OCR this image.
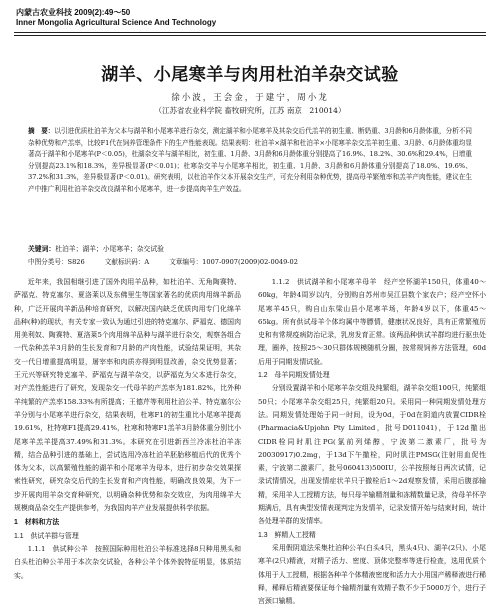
内蒙古农业科技 2009(2):49～50
Inner Mongolia Agricultural Science And Technology
湖羊、小尾寒羊与肉用杜泊羊杂交试验
徐小波，王会金，于建宁，周小龙
（江苏省农业科学院 畜牧研究所，江苏 南京　210014）
摘　要：以引进优质杜泊羊为父本与湖羊和小尾寒羊进行杂交，测定湖羊和小尾寒羊及其杂交后代羔羊的初生重、断奶重、3月龄和6月龄体重，分析不同杂种优势和产羔率，比较F1代在饲养管理条件下的生产性能表现。结果表明：杜泊羊×湖羊和杜泊羊×小尾寒羊杂交羔羊初生重、3月龄、6月龄体重均显著高于湖羊和小尾寒羊(P＜0.05)，杜湖杂交羊与湖羊相比，初生重、1月龄、3月龄和6月龄体重分别提高了16.9%、18.2%、30.6%和29.4%，日增重分别提高23.1%和18.3%，差异极显著(P＜0.01)；杜寒杂交羊与小尾寒羊相比，初生重、1月龄、3月龄和6月龄体重分别提高了18.0%、19.6%、37.2%和31.3%，差异极显著(P＜0.01)。研究表明，以杜泊羊作父本开展杂交生产，可充分利用杂种优势，提高母羊繁殖率和羔羊产肉性能，建议在生产中推广利用杜泊羊杂交改良湖羊和小尾寒羊，进一步提高肉羊生产效益。
关键词：杜泊羊；湖羊；小尾寒羊；杂交试验
中图分类号：S826	文献标识码：A	文章编号：1007-0907(2009)02-0049-02

近年来，我国相继引进了国外肉用羊品种，如杜泊羊、无角陶赛特、萨福克、特克塞尔、夏洛莱以及东佛里生等国家著名的优质肉用绵羊新品种，广泛开展肉羊新品种培育研究，以解决国内缺乏优质肉用专门化绵羊品种(种)的现状，有关专家一致认为通过引进的特克塞尔、萨福克、德国肉用美利奴、陶赛特、夏洛莱5个肉用绵羊品种与湖羊进行杂交，观察各组合一代杂种羔羊3月龄的生长发育和7月龄的产肉性能，试验结果证明，其杂交一代日增重提高明显，屠宰率和肉质亦得到明显改善，杂交优势显著；王元兴等研究特克塞羊、萨福克与湖羊杂交，以萨福克为父本进行杂交，对产羔性能进行了研究，发现杂交一代母羊的产羔率为181.82%，比外种羊纯繁的产羔率158.33%有所提高；王德芹等利用杜泊公羊、特克塞尔公羊分别与小尾寒羊进行杂交，结果表明，杜寒F1的初生重比小尾寒羊提高19.61%，杜特寒F1提高29.41%，杜寒和特寒F1羔羊3月龄体重分别比小尾寒羊羔羊提高37.49%和31.3%。本研究在引进新西兰冷冻杜泊羊冻精，结合品种引进的基础上，尝试选用冷冻杜泊羊胚胎移植后代的优秀个体为父本，以高繁殖性能的湖羊和小尾寒羊为母本，进行初步杂交效果探索性研究，研究杂交后代的生长发育和产肉性能，明确改良效果，为下一步开展肉用羊杂交育种研究，以明确杂种优势和杂交效应，为肉用绵羊大规模商品杂交生产提供参考，为我国肉羊产业发展提供科学依据。

1　材料和方法

1.1　供试羊群与管理

1.1.1　供试种公羊　按照国际种用杜泊公羊标准选择8只种用黑头和白头杜泊种公羊用于本次杂交试验，各种公羊个体外貌特征明显，体质结实。

1.1.2　供试湖羊和小尾寒羊母羊　经产空怀湖羊150只，体重40～60kg，年龄4周岁以内，分别购自苏州市吴江县数个家农户；经产空怀小尾寒羊45只，购自山东梁山县小尾寒羊场，年龄4岁以下，体重45～65kg。所有供试母羊个体均属中等膘情，健康状况良好，具有正常繁殖历史和有常规疫病防治记录，乳房发育正常。该两品种供试羊群均进行驱虫处理，圈养，按照25～30只群体规模随机分圈，按常规饲养方法管理，60d后用于同期发情试验。

1.2　母羊同期发情处理

分别设置湖羊和小尾寒羊杂交组及纯繁组，湖羊杂交组100只，纯繁组50只；小尾寒羊杂交组25只，纯繁组20只。采用同一种同期发情处理方法。同期发情处理始于同一时间，设为0d，于0d在阴道内放置CIDR栓(Pharmacia&Upjohn Pty Limited，批号D011041)，于12d撤出CIDR栓同时肌注PG(氯前列烯醇，宁波第二激素厂，批号为20030917)0.2mg，于13d下午撤栓，同时肌注PMSG(注射用血促性素，宁波第二激素厂，批号060413)500IU，公羊按照每日两次试情，记录试情情况，出现发情症状羊只于撤栓后1～2d观察发情，采用后腹部输精，采用羊人工授精方法，每只母羊输精剂量和冻精数量记录，待母羊怀孕期满后，具有典型发情表现判定为发情羊，记录发情开始与结束时间，统计各处理羊群的发情率。

1.3　鲜精人工授精

采用假阴道法采集杜泊种公羊(白头4只，黑头4只)、湖羊(2只)、小尾寒羊(2只)精液，对精子活力、密度、顶体完整率等进行检查，选用优质个体用于人工授精，根据各种羊个体精液密度和活力大小用国产稀释液进行稀释，稀释后精液要保证每个输精剂量有效精子数不少于5000万个，进行子宫颈口输精。
